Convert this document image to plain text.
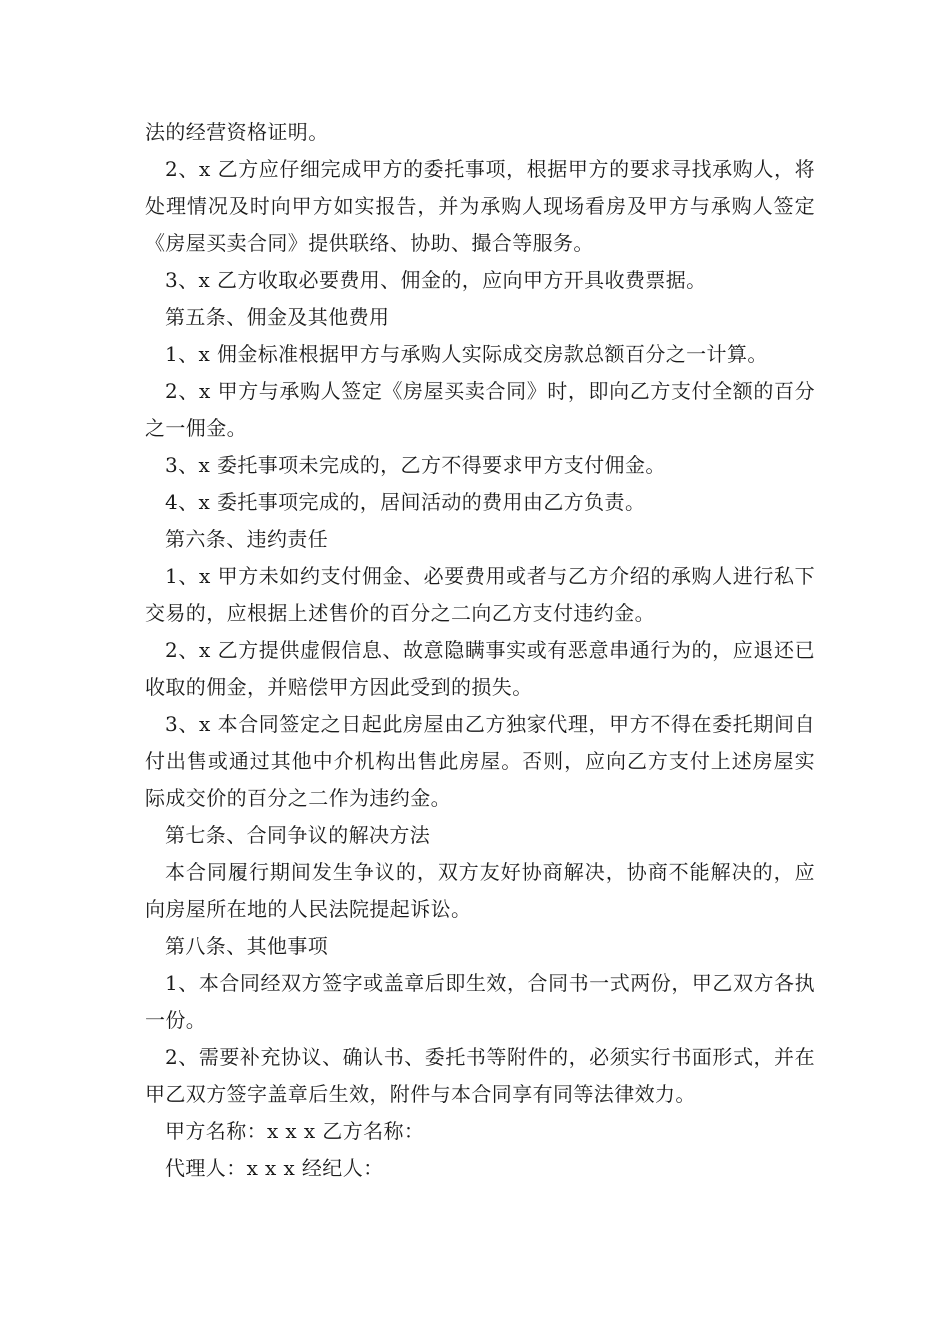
法的经营资格证明。

2、x 乙方应仔细完成甲方的委托事项，根据甲方的要求寻找承购人，将处理情况及时向甲方如实报告，并为承购人现场看房及甲方与承购人签定《房屋买卖合同》提供联络、协助、撮合等服务。

3、x 乙方收取必要费用、佣金的，应向甲方开具收费票据。

第五条、佣金及其他费用

1、x 佣金标准根据甲方与承购人实际成交房款总额百分之一计算。

2、x 甲方与承购人签定《房屋买卖合同》时，即向乙方支付全额的百分之一佣金。

3、x 委托事项未完成的，乙方不得要求甲方支付佣金。

4、x 委托事项完成的，居间活动的费用由乙方负责。

第六条、违约责任

1、x 甲方未如约支付佣金、必要费用或者与乙方介绍的承购人进行私下交易的，应根据上述售价的百分之二向乙方支付违约金。

2、x 乙方提供虚假信息、故意隐瞒事实或有恶意串通行为的，应退还已收取的佣金，并赔偿甲方因此受到的损失。

3、x 本合同签定之日起此房屋由乙方独家代理，甲方不得在委托期间自付出售或通过其他中介机构出售此房屋。否则，应向乙方支付上述房屋实际成交价的百分之二作为违约金。

第七条、合同争议的解决方法

本合同履行期间发生争议的，双方友好协商解决，协商不能解决的，应向房屋所在地的人民法院提起诉讼。

第八条、其他事项

1、本合同经双方签字或盖章后即生效，合同书一式两份，甲乙双方各执一份。

2、需要补充协议、确认书、委托书等附件的，必须实行书面形式，并在甲乙双方签字盖章后生效，附件与本合同享有同等法律效力。

甲方名称：x x x 乙方名称：

代理人：x x x 经纪人：
